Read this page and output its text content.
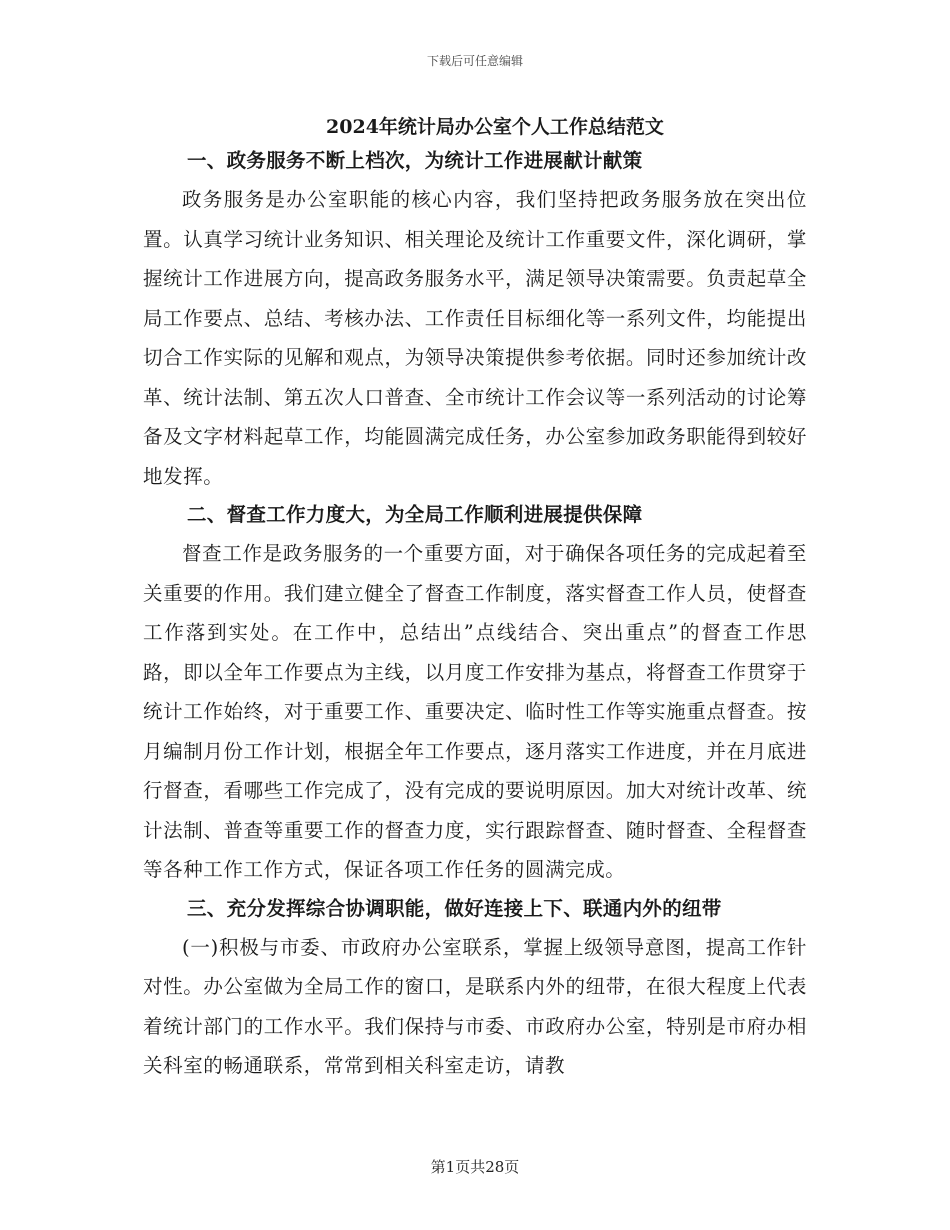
下载后可任意编辑
2024年统计局办公室个人工作总结范文
一、政务服务不断上档次，为统计工作进展献计献策

政务服务是办公室职能的核心内容，我们坚持把政务服务放在突出位置。认真学习统计业务知识、相关理论及统计工作重要文件，深化调研，掌握统计工作进展方向，提高政务服务水平，满足领导决策需要。负责起草全局工作要点、总结、考核办法、工作责任目标细化等一系列文件，均能提出切合工作实际的见解和观点，为领导决策提供参考依据。同时还参加统计改革、统计法制、第五次人口普查、全市统计工作会议等一系列活动的讨论筹备及文字材料起草工作，均能圆满完成任务，办公室参加政务职能得到较好地发挥。

二、督查工作力度大，为全局工作顺利进展提供保障

督查工作是政务服务的一个重要方面，对于确保各项任务的完成起着至关重要的作用。我们建立健全了督查工作制度，落实督查工作人员，使督查工作落到实处。在工作中，总结出”点线结合、突出重点”的督查工作思路，即以全年工作要点为主线，以月度工作安排为基点，将督查工作贯穿于统计工作始终，对于重要工作、重要决定、临时性工作等实施重点督查。按月编制月份工作计划，根据全年工作要点，逐月落实工作进度，并在月底进行督查，看哪些工作完成了，没有完成的要说明原因。加大对统计改革、统计法制、普查等重要工作的督查力度，实行跟踪督查、随时督查、全程督查等各种工作工作方式，保证各项工作任务的圆满完成。

三、充分发挥综合协调职能，做好连接上下、联通内外的纽带

(一)积极与市委、市政府办公室联系，掌握上级领导意图，提高工作针对性。办公室做为全局工作的窗口，是联系内外的纽带，在很大程度上代表着统计部门的工作水平。我们保持与市委、市政府办公室，特别是市府办相关科室的畅通联系，常常到相关科室走访，请教

第1页共28页
